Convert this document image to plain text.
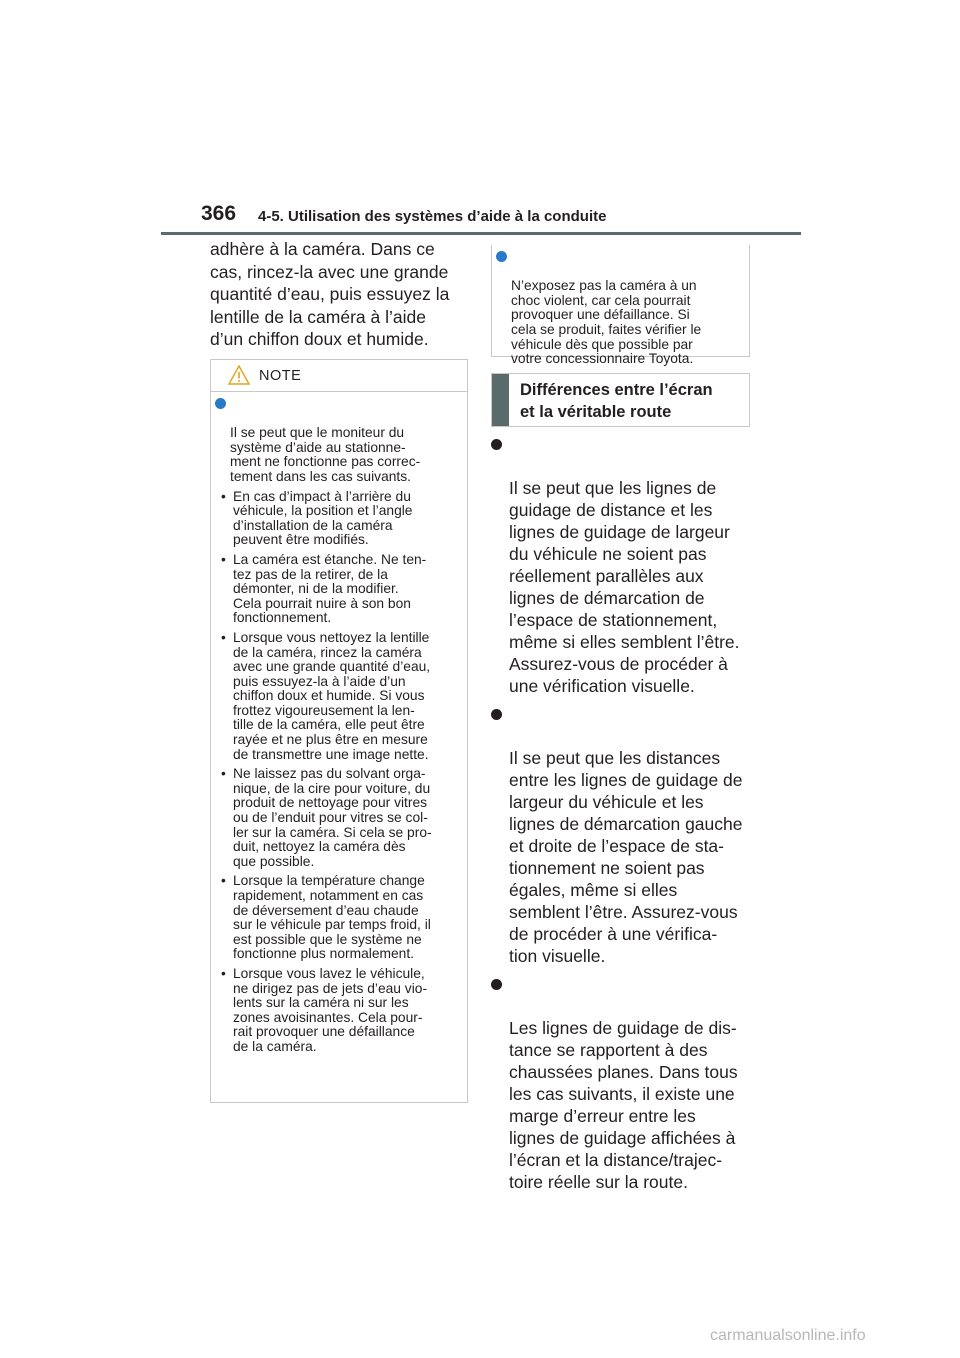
366 4-5. Utilisation des systèmes d’aide à la conduite
adhère à la caméra. Dans ce
cas, rincez-la avec une grande
quantité d’eau, puis essuyez la
lentille de la caméra à l’aide
d’un chiffon doux et humide.
NOTE

Il se peut que le moniteur du
système d’aide au stationne-
ment ne fonctionne pas correc-
tement dans les cas suivants.

• En cas d’impact à l’arrière du
véhicule, la position et l’angle
d’installation de la caméra
peuvent être modifiés.
• La caméra est étanche. Ne ten-
tez pas de la retirer, de la
démonter, ni de la modifier.
Cela pourrait nuire à son bon
fonctionnement.
• Lorsque vous nettoyez la lentille
de la caméra, rincez la caméra
avec une grande quantité d’eau,
puis essuyez-la à l’aide d’un
chiffon doux et humide. Si vous
frottez vigoureusement la len-
tille de la caméra, elle peut être
rayée et ne plus être en mesure
de transmettre une image nette.
• Ne laissez pas du solvant orga-
nique, de la cire pour voiture, du
produit de nettoyage pour vitres
ou de l’enduit pour vitres se col-
ler sur la caméra. Si cela se pro-
duit, nettoyez la caméra dès
que possible.
• Lorsque la température change
rapidement, notamment en cas
de déversement d’eau chaude
sur le véhicule par temps froid, il
est possible que le système ne
fonctionne plus normalement.
• Lorsque vous lavez le véhicule,
ne dirigez pas de jets d’eau vio-
lents sur la caméra ni sur les
zones avoisinantes. Cela pour-
rait provoquer une défaillance
de la caméra.

N’exposez pas la caméra à un
choc violent, car cela pourrait
provoquer une défaillance. Si
cela se produit, faites vérifier le
véhicule dès que possible par
votre concessionnaire Toyota.

Différences entre l’écran
et la véritable route

Il se peut que les lignes de
guidage de distance et les
lignes de guidage de largeur
du véhicule ne soient pas
réellement parallèles aux
lignes de démarcation de
l’espace de stationnement,
même si elles semblent l’être.
Assurez-vous de procéder à
une vérification visuelle.

Il se peut que les distances
entre les lignes de guidage de
largeur du véhicule et les
lignes de démarcation gauche
et droite de l’espace de sta-
tionnement ne soient pas
égales, même si elles
semblent l’être. Assurez-vous
de procéder à une vérifica-
tion visuelle.

Les lignes de guidage de dis-
tance se rapportent à des
chaussées planes. Dans tous
les cas suivants, il existe une
marge d’erreur entre les
lignes de guidage affichées à
l’écran et la distance/trajec-
toire réelle sur la route.

carmanualsonline.info
